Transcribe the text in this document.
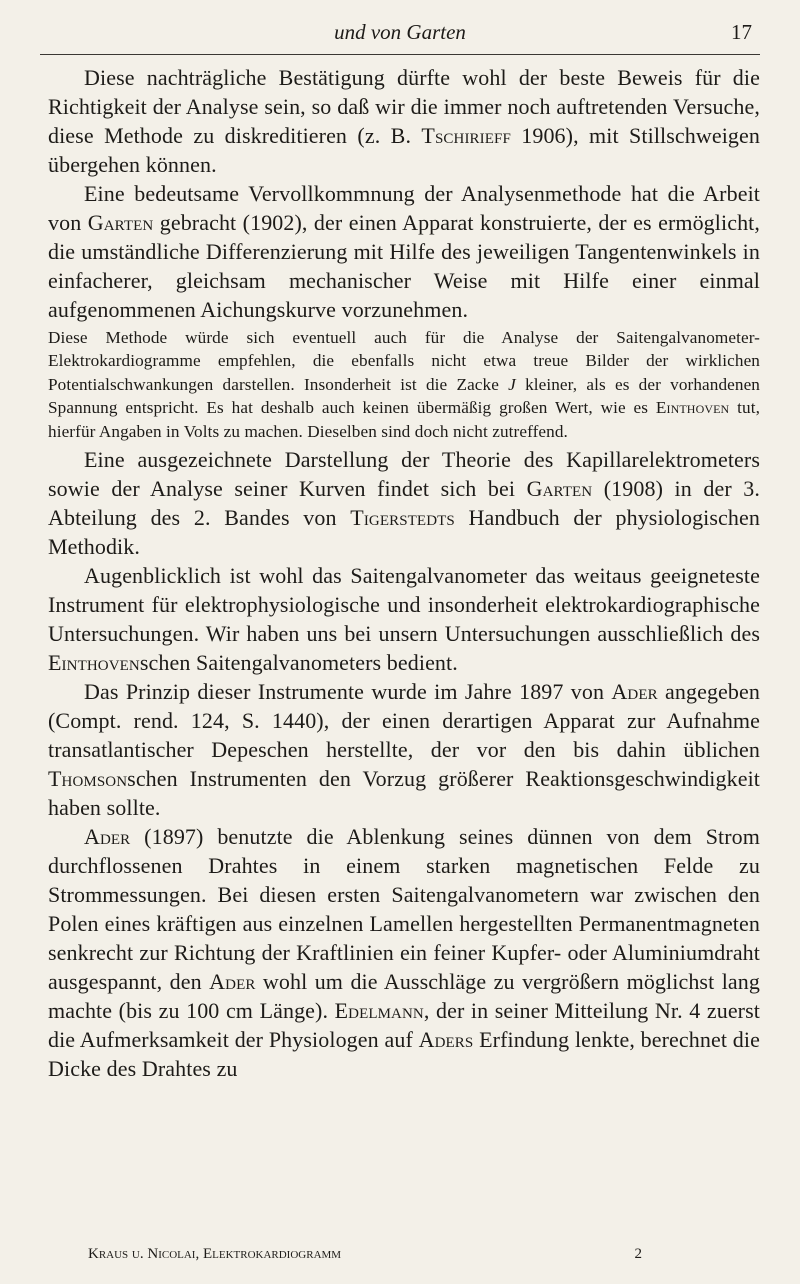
und von Garten	17

Diese nachträgliche Bestätigung dürfte wohl der beste Beweis für die Richtigkeit der Analyse sein, so daß wir die immer noch auftretenden Versuche, diese Methode zu diskreditieren (z. B. Tschirieff 1906), mit Stillschweigen übergehen können.

Eine bedeutsame Vervollkommnung der Analysenmethode hat die Arbeit von Garten gebracht (1902), der einen Apparat konstruierte, der es ermöglicht, die umständliche Differenzierung mit Hilfe des jeweiligen Tangentenwinkels in einfacherer, gleichsam mechanischer Weise mit Hilfe einer einmal aufgenommenen Aichungskurve vorzunehmen.

Diese Methode würde sich eventuell auch für die Analyse der Saitengalvanometer-Elektrokardiogramme empfehlen, die ebenfalls nicht etwa treue Bilder der wirklichen Potentialschwankungen darstellen. Insonderheit ist die Zacke J kleiner, als es der vorhandenen Spannung entspricht. Es hat deshalb auch keinen übermäßig großen Wert, wie es Einthoven tut, hierfür Angaben in Volts zu machen. Dieselben sind doch nicht zutreffend.

Eine ausgezeichnete Darstellung der Theorie des Kapillarelektrometers sowie der Analyse seiner Kurven findet sich bei Garten (1908) in der 3. Abteilung des 2. Bandes von Tigerstedts Handbuch der physiologischen Methodik.

Augenblicklich ist wohl das Saitengalvanometer das weitaus geeigneteste Instrument für elektrophysiologische und insonderheit elektrokardiographische Untersuchungen. Wir haben uns bei unsern Untersuchungen ausschließlich des Einthovenschen Saitengalvanometers bedient.

Das Prinzip dieser Instrumente wurde im Jahre 1897 von Ader angegeben (Compt. rend. 124, S. 1440), der einen derartigen Apparat zur Aufnahme transatlantischer Depeschen herstellte, der vor den bis dahin üblichen Thomsonschen Instrumenten den Vorzug größerer Reaktionsgeschwindigkeit haben sollte.

Ader (1897) benutzte die Ablenkung seines dünnen von dem Strom durchflossenen Drahtes in einem starken magnetischen Felde zu Strommessungen. Bei diesen ersten Saitengalvanometern war zwischen den Polen eines kräftigen aus einzelnen Lamellen hergestellten Permanentmagneten senkrecht zur Richtung der Kraftlinien ein feiner Kupfer- oder Aluminiumdraht ausgespannt, den Ader wohl um die Ausschläge zu vergrößern möglichst lang machte (bis zu 100 cm Länge). Edelmann, der in seiner Mitteilung Nr. 4 zuerst die Aufmerksamkeit der Physiologen auf Aders Erfindung lenkte, berechnet die Dicke des Drahtes zu

Kraus u. Nicolai, Elektrokardiogramm	2
